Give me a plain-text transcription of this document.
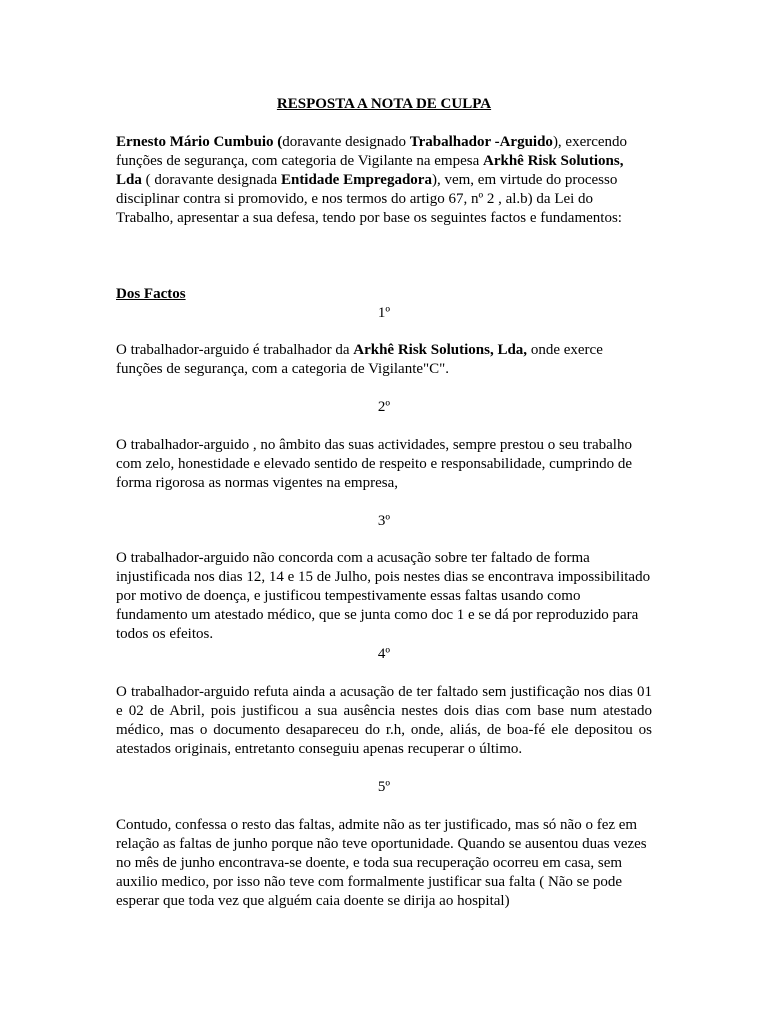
RESPOSTA A NOTA DE CULPA

Ernesto Mário Cumbuio (doravante designado Trabalhador -Arguido), exercendo funções de segurança, com categoria de Vigilante na empesa Arkhê Risk Solutions, Lda ( doravante designada Entidade Empregadora), vem, em virtude do processo disciplinar contra si promovido, e nos termos do artigo 67, nº 2 , al.b) da Lei do Trabalho, apresentar a sua defesa, tendo por base os seguintes factos e fundamentos:

Dos Factos
1º

O trabalhador-arguido é trabalhador da Arkhê Risk Solutions, Lda, onde exerce funções de segurança, com a categoria de Vigilante"C".

2º

O trabalhador-arguido , no âmbito das suas actividades, sempre prestou o seu trabalho com zelo, honestidade e elevado sentido de respeito e responsabilidade, cumprindo de forma rigorosa as normas vigentes na empresa,

3º

O trabalhador-arguido não concorda com a acusação sobre ter faltado de forma injustificada nos dias 12, 14 e 15 de Julho, pois nestes dias se encontrava impossibilitado por motivo de doença, e justificou tempestivamente essas faltas usando como fundamento um atestado médico, que se junta como doc 1 e se dá por reproduzido para todos os efeitos.

4º

O trabalhador-arguido refuta ainda a acusação de ter faltado sem justificação nos dias 01 e 02 de Abril, pois justificou a sua ausência nestes dois dias com base num atestado médico, mas o documento desapareceu do r.h, onde, aliás, de boa-fé ele depositou os atestados originais, entretanto conseguiu apenas recuperar o último.

5º

Contudo, confessa o resto das faltas, admite não as ter justificado, mas só não o fez em relação as faltas de junho porque não teve oportunidade. Quando se ausentou duas vezes no mês de junho encontrava-se doente, e toda sua recuperação ocorreu em casa, sem auxilio medico, por isso não teve com formalmente justificar sua falta ( Não se pode esperar que toda vez que alguém caia doente se dirija ao hospital)
